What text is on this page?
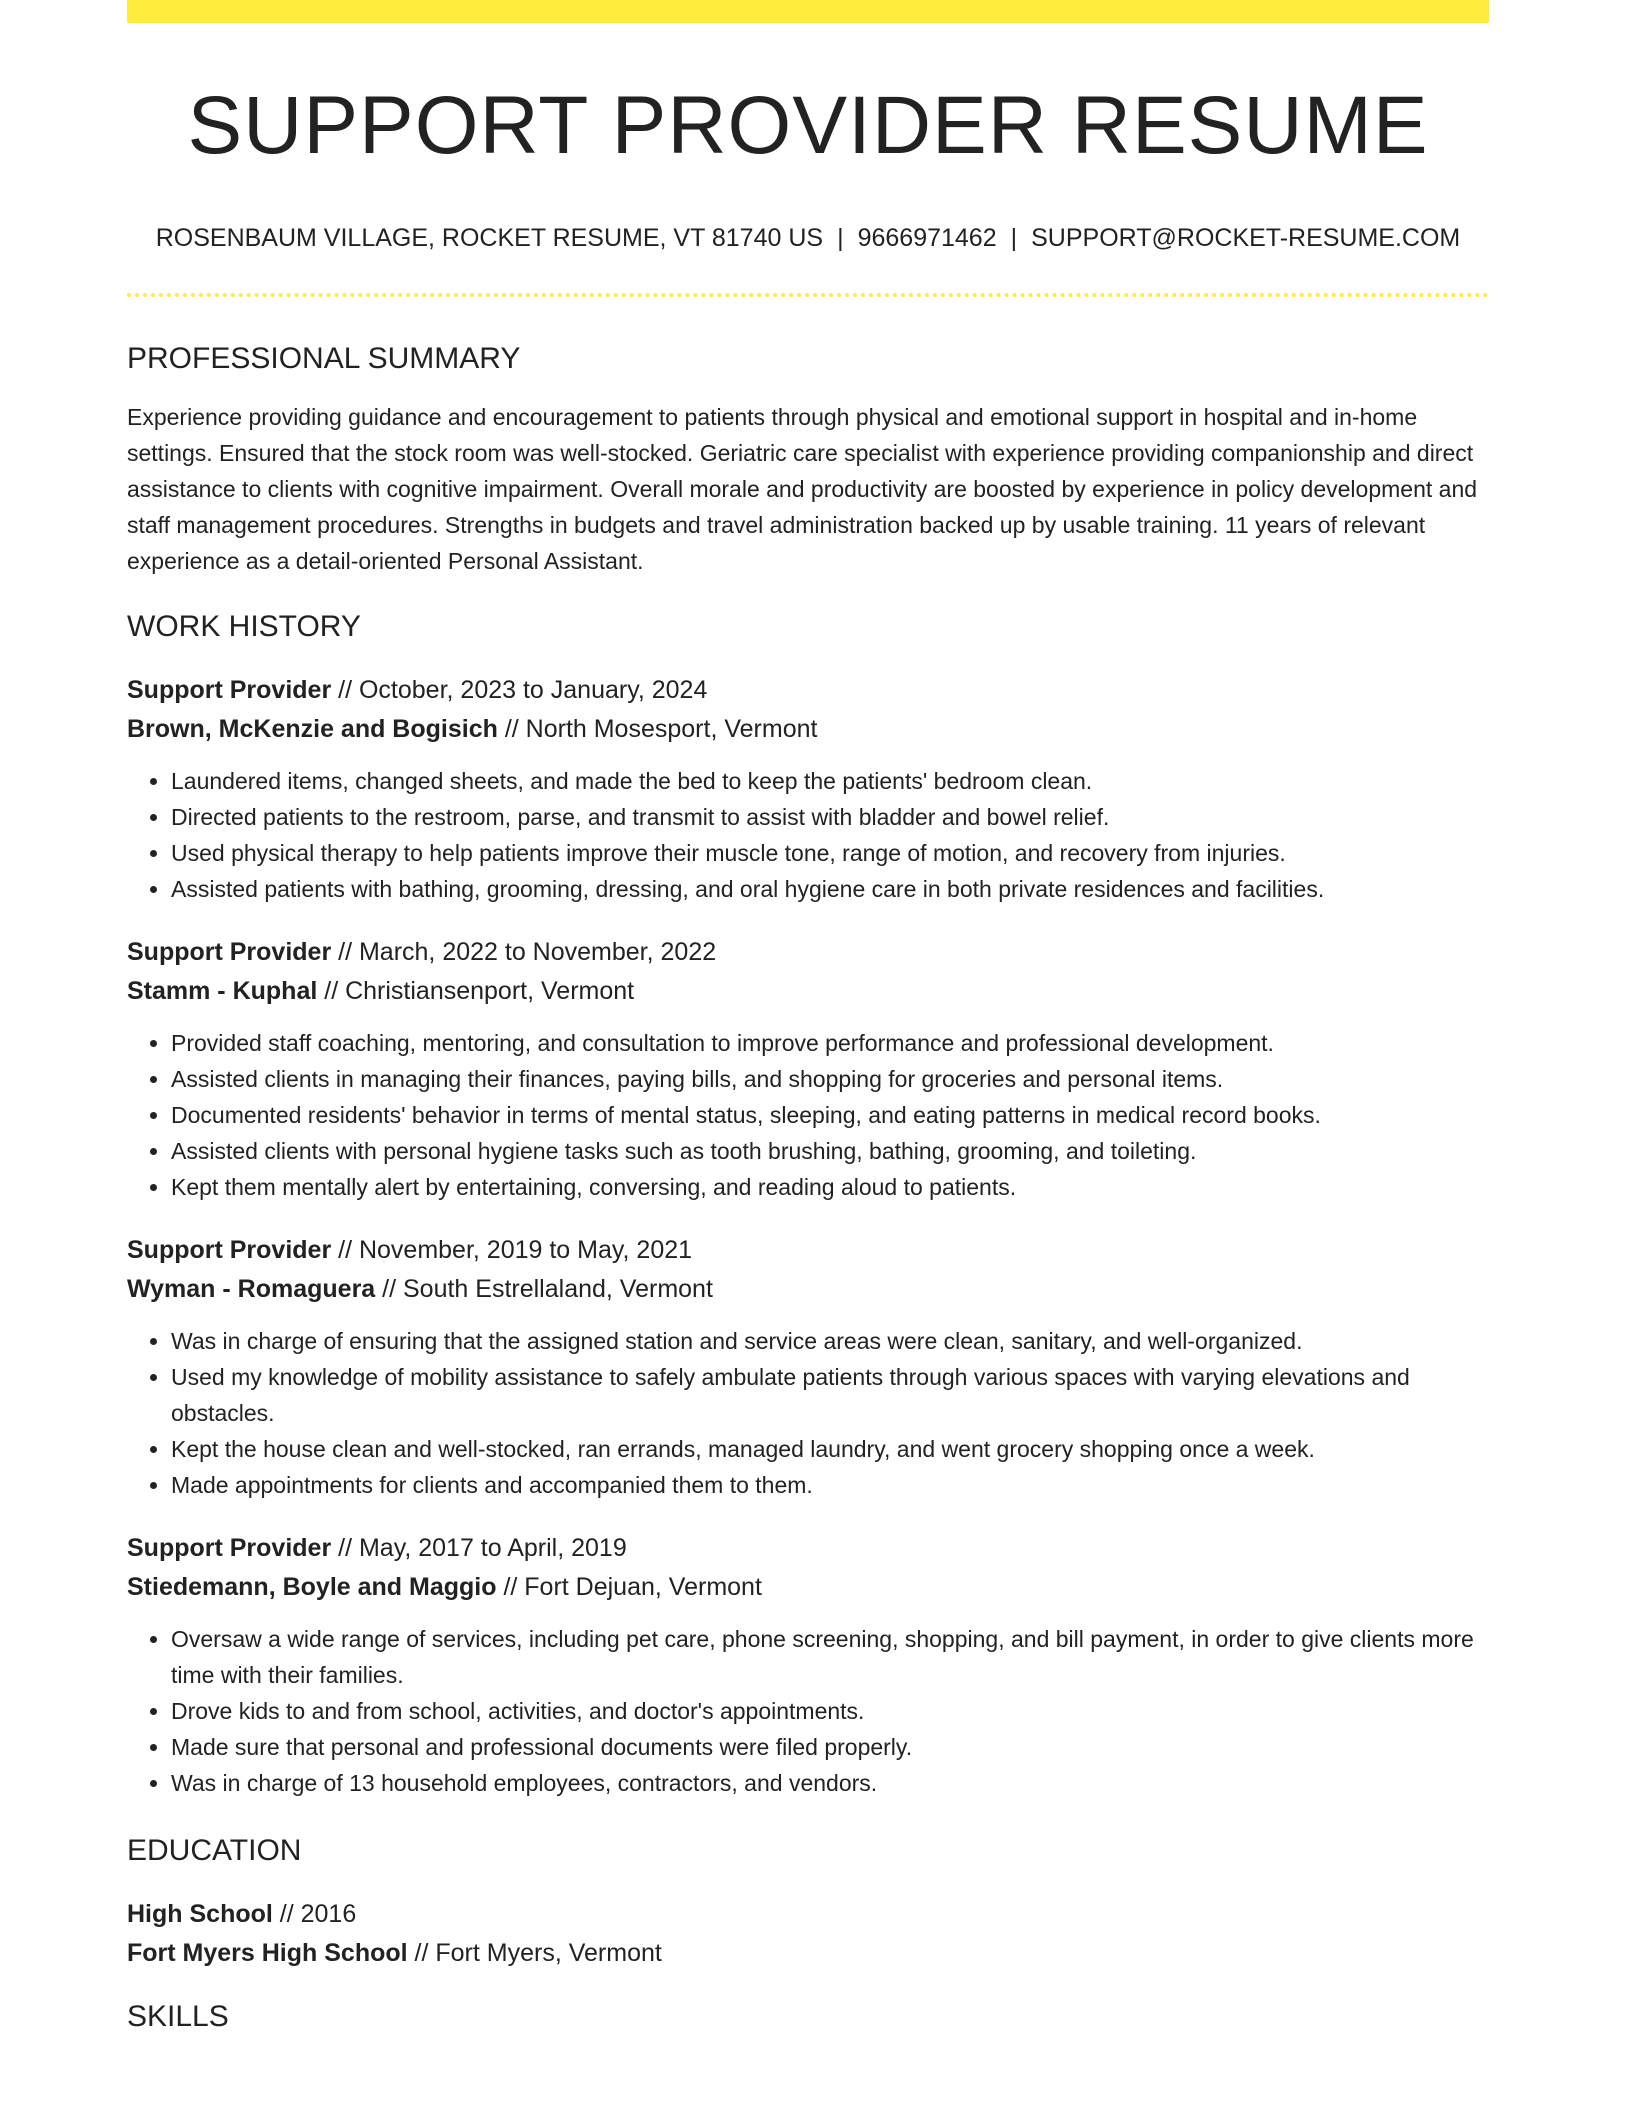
SUPPORT PROVIDER RESUME
ROSENBAUM VILLAGE, ROCKET RESUME, VT 81740 US | 9666971462 | SUPPORT@ROCKET-RESUME.COM
PROFESSIONAL SUMMARY
Experience providing guidance and encouragement to patients through physical and emotional support in hospital and in-home settings. Ensured that the stock room was well-stocked. Geriatric care specialist with experience providing companionship and direct assistance to clients with cognitive impairment. Overall morale and productivity are boosted by experience in policy development and staff management procedures. Strengths in budgets and travel administration backed up by usable training. 11 years of relevant experience as a detail-oriented Personal Assistant.
WORK HISTORY
Support Provider // October, 2023 to January, 2024
Brown, McKenzie and Bogisich // North Mosesport, Vermont
• Laundered items, changed sheets, and made the bed to keep the patients' bedroom clean.
• Directed patients to the restroom, parse, and transmit to assist with bladder and bowel relief.
• Used physical therapy to help patients improve their muscle tone, range of motion, and recovery from injuries.
• Assisted patients with bathing, grooming, dressing, and oral hygiene care in both private residences and facilities.
Support Provider // March, 2022 to November, 2022
Stamm - Kuphal // Christiansenport, Vermont
• Provided staff coaching, mentoring, and consultation to improve performance and professional development.
• Assisted clients in managing their finances, paying bills, and shopping for groceries and personal items.
• Documented residents' behavior in terms of mental status, sleeping, and eating patterns in medical record books.
• Assisted clients with personal hygiene tasks such as tooth brushing, bathing, grooming, and toileting.
• Kept them mentally alert by entertaining, conversing, and reading aloud to patients.
Support Provider // November, 2019 to May, 2021
Wyman - Romaguera // South Estrellaland, Vermont
• Was in charge of ensuring that the assigned station and service areas were clean, sanitary, and well-organized.
• Used my knowledge of mobility assistance to safely ambulate patients through various spaces with varying elevations and obstacles.
• Kept the house clean and well-stocked, ran errands, managed laundry, and went grocery shopping once a week.
• Made appointments for clients and accompanied them to them.
Support Provider // May, 2017 to April, 2019
Stiedemann, Boyle and Maggio // Fort Dejuan, Vermont
• Oversaw a wide range of services, including pet care, phone screening, shopping, and bill payment, in order to give clients more time with their families.
• Drove kids to and from school, activities, and doctor's appointments.
• Made sure that personal and professional documents were filed properly.
• Was in charge of 13 household employees, contractors, and vendors.
EDUCATION
High School // 2016
Fort Myers High School // Fort Myers, Vermont
SKILLS
